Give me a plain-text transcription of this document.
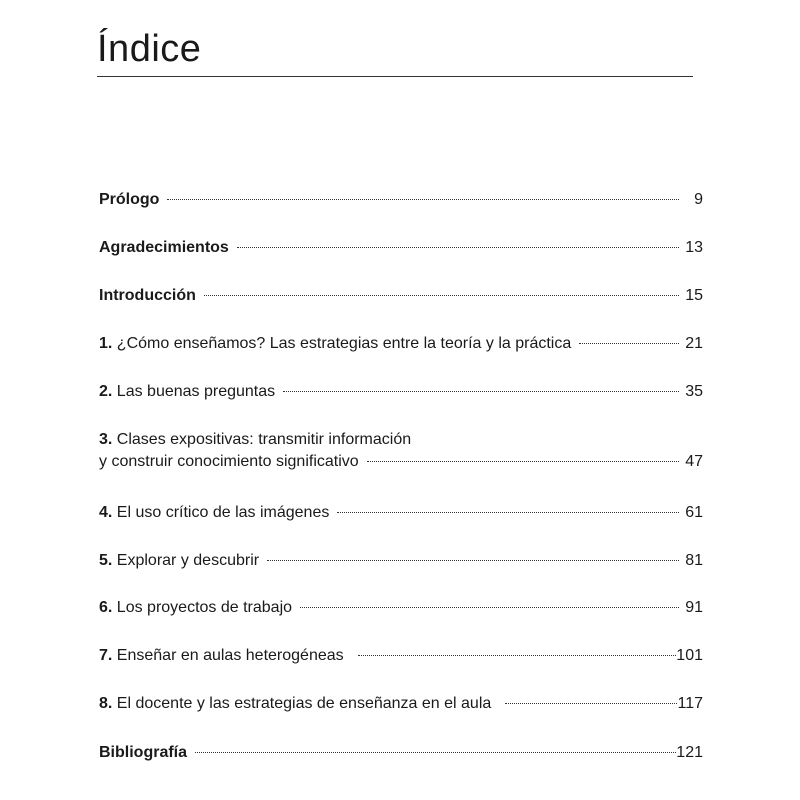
Índice
Prólogo	9
Agradecimientos	13
Introducción	15
1. ¿Cómo enseñamos? Las estrategias entre la teoría y la práctica	21
2. Las buenas preguntas	35
3. Clases expositivas: transmitir información
y construir conocimiento significativo	47
4. El uso crítico de las imágenes	61
5. Explorar y descubrir	81
6. Los proyectos de trabajo	91
7. Enseñar en aulas heterogéneas	101
8. El docente y las estrategias de enseñanza en el aula	117
Bibliografía	121
